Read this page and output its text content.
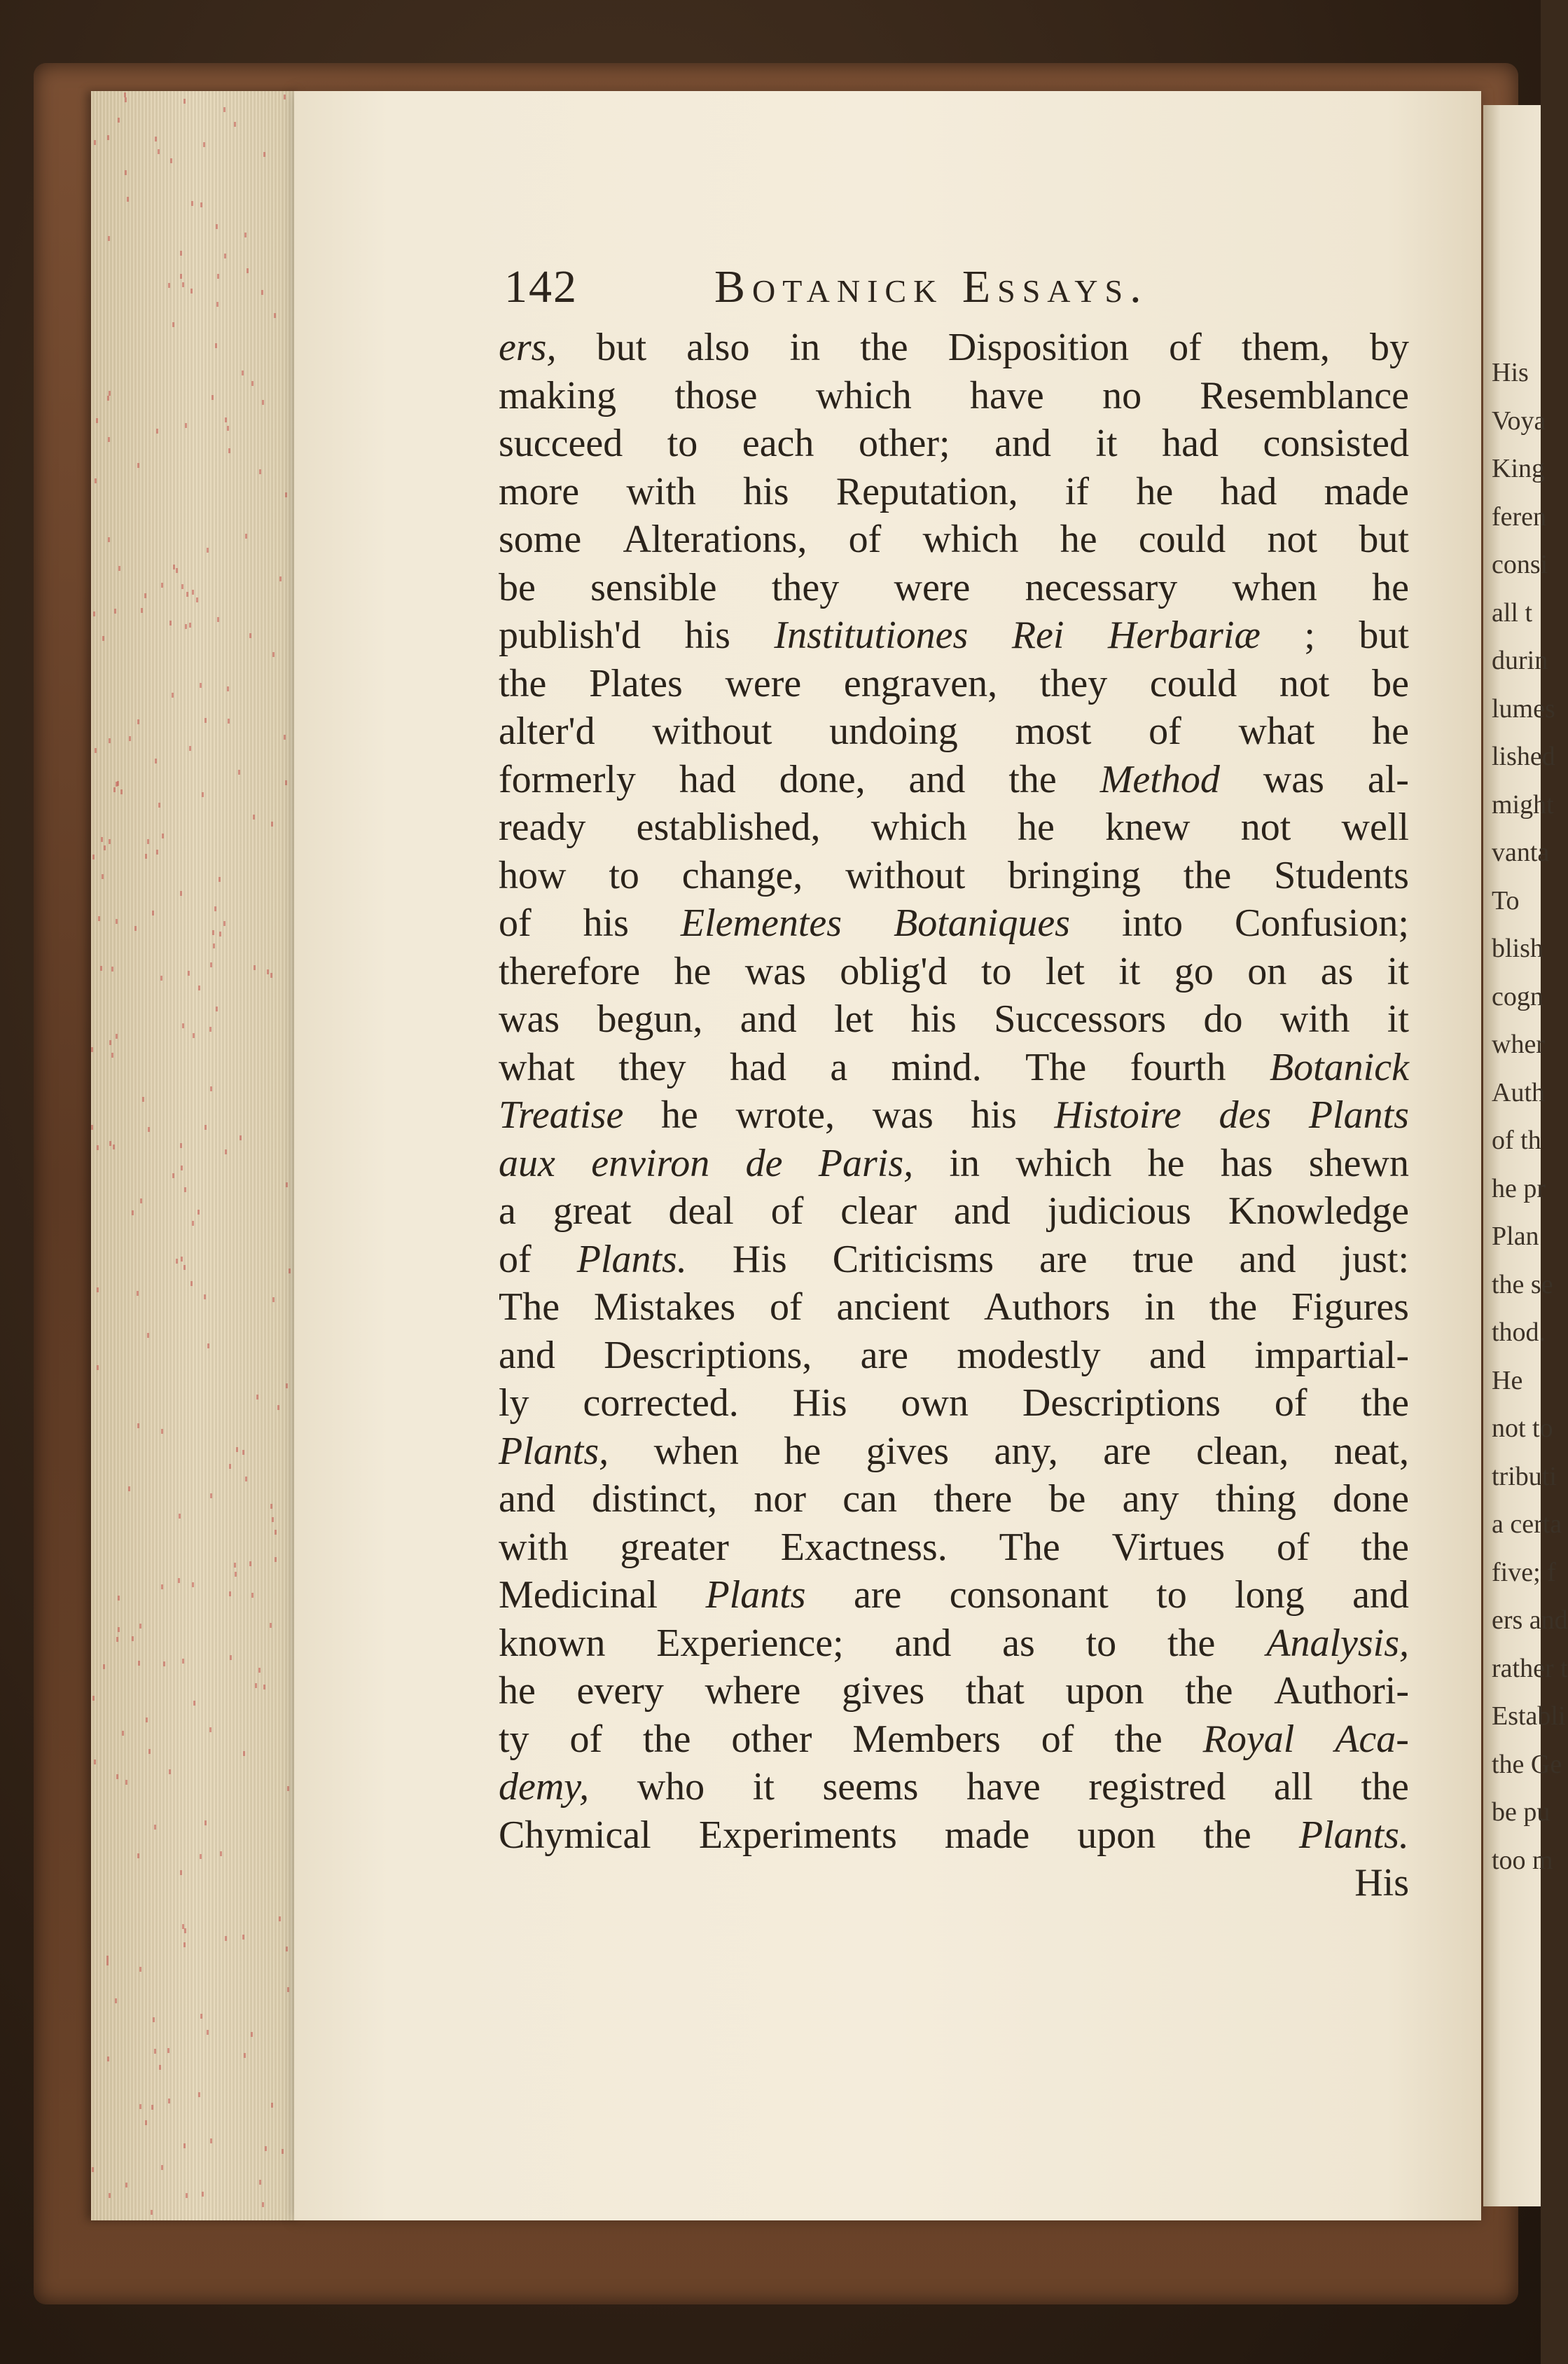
His
Voya
King
feren
consi
all t
durin
lumes
lished
might
vanta
To
blish
cogn
wher
Auth
of th
he pr
Plan
the se
thod.
He
not to
tributi
a certa
five; f
ers and
rather t
Establi
the Ge
be pu
too m
142	Botanick Essays.
ers, but also in the Disposition of them, by
making those which have no Resemblance
succeed to each other; and it had consisted
more with his Reputation, if he had made
some Alterations, of which he could not but
be sensible they were necessary when he
publish'd his Institutiones Rei Herbariæ ; but
the Plates were engraven, they could not be
alter'd without undoing most of what he
formerly had done, and the Method was al-
ready established, which he knew not well
how to change, without bringing the Students
of his Elementes Botaniques into Confusion;
therefore he was oblig'd to let it go on as it
was begun, and let his Successors do with it
what they had a mind. The fourth Botanick
Treatise he wrote, was his Histoire des Plants
aux environ de Paris, in which he has shewn
a great deal of clear and judicious Knowledge
of Plants. His Criticisms are true and just:
The Mistakes of ancient Authors in the Figures
and Descriptions, are modestly and impartial-
ly corrected. His own Descriptions of the
Plants, when he gives any, are clean, neat,
and distinct, nor can there be any thing done
with greater Exactness. The Virtues of the
Medicinal Plants are consonant to long and
known Experience; and as to the Analysis,
he every where gives that upon the Authori-
ty of the other Members of the Royal Aca-
demy, who it seems have registred all the
Chymical Experiments made upon the Plants.
His
